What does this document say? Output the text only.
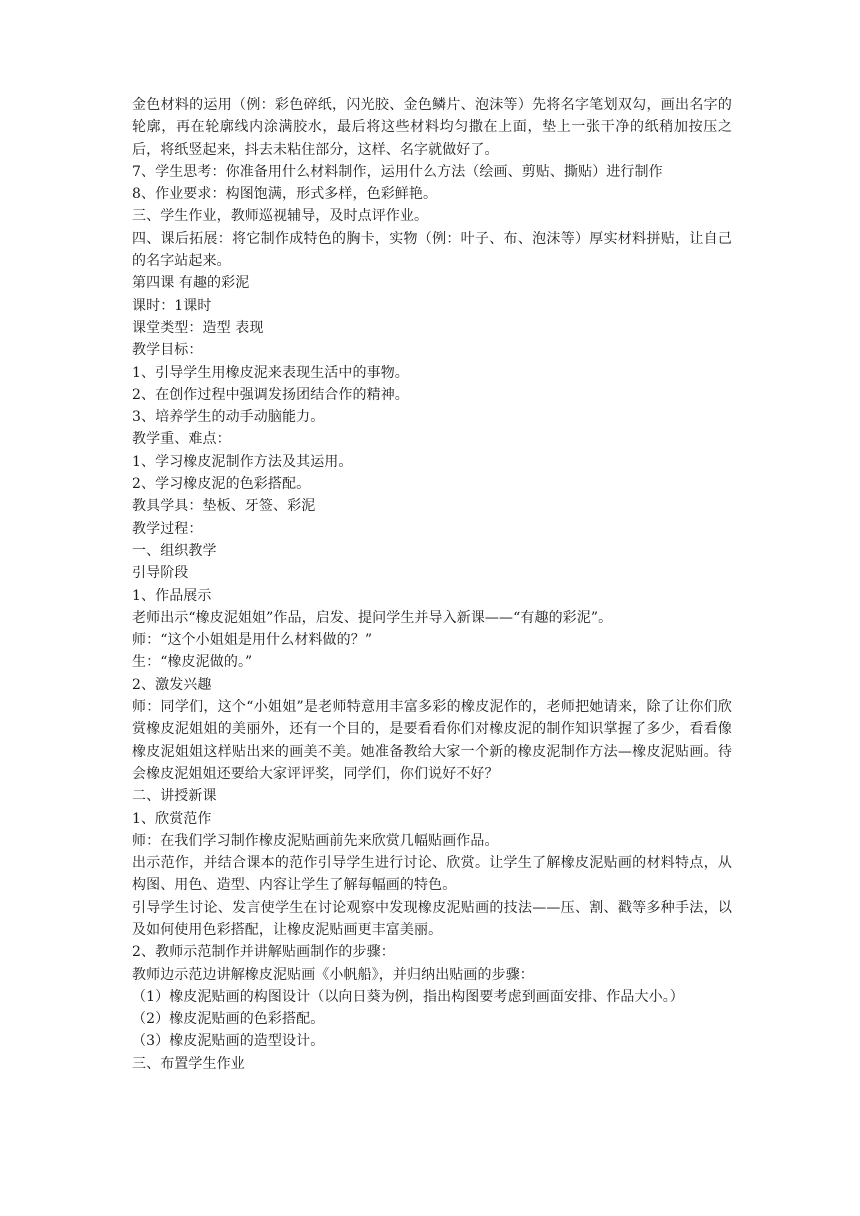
金色材料的运用（例：彩色碎纸，闪光胶、金色鳞片、泡沫等）先将名字笔划双勾，画出名字的轮廓，再在轮廓线内涂满胶水，最后将这些材料均匀撒在上面，垫上一张干净的纸稍加按压之后，将纸竖起来，抖去未粘住部分，这样、名字就做好了。
7、学生思考：你准备用什么材料制作，运用什么方法（绘画、剪贴、撕贴）进行制作
8、作业要求：构图饱满，形式多样，色彩鲜艳。
三、学生作业，教师巡视辅导，及时点评作业。
四、课后拓展：将它制作成特色的胸卡，实物（例：叶子、布、泡沫等）厚实材料拼贴，让自己的名字站起来。
第四课 有趣的彩泥
课时：1课时
课堂类型：造型 表现
教学目标：
1、引导学生用橡皮泥来表现生活中的事物。
2、在创作过程中强调发扬团结合作的精神。
3、培养学生的动手动脑能力。
教学重、难点：
1、学习橡皮泥制作方法及其运用。
2、学习橡皮泥的色彩搭配。
教具学具：垫板、牙签、彩泥
教学过程：
一、组织教学
引导阶段
1、作品展示
老师出示“橡皮泥姐姐”作品，启发、提问学生并导入新课——“有趣的彩泥”。
师：“这个小姐姐是用什么材料做的？”
生：“橡皮泥做的。”
2、激发兴趣
师：同学们，这个“小姐姐”是老师特意用丰富多彩的橡皮泥作的，老师把她请来，除了让你们欣赏橡皮泥姐姐的美丽外，还有一个目的，是要看看你们对橡皮泥的制作知识掌握了多少，看看像橡皮泥姐姐这样贴出来的画美不美。她准备教给大家一个新的橡皮泥制作方法—橡皮泥贴画。待会橡皮泥姐姐还要给大家评评奖，同学们，你们说好不好？
二、讲授新课
1、欣赏范作
师：在我们学习制作橡皮泥贴画前先来欣赏几幅贴画作品。
出示范作，并结合课本的范作引导学生进行讨论、欣赏。让学生了解橡皮泥贴画的材料特点，从构图、用色、造型、内容让学生了解每幅画的特色。
引导学生讨论、发言使学生在讨论观察中发现橡皮泥贴画的技法——压、割、戳等多种手法，以及如何使用色彩搭配，让橡皮泥贴画更丰富美丽。
2、教师示范制作并讲解贴画制作的步骤：
教师边示范边讲解橡皮泥贴画《小帆船》，并归纳出贴画的步骤：
（1）橡皮泥贴画的构图设计（以向日葵为例，指出构图要考虑到画面安排、作品大小。）
（2）橡皮泥贴画的色彩搭配。
（3）橡皮泥贴画的造型设计。
三、布置学生作业
